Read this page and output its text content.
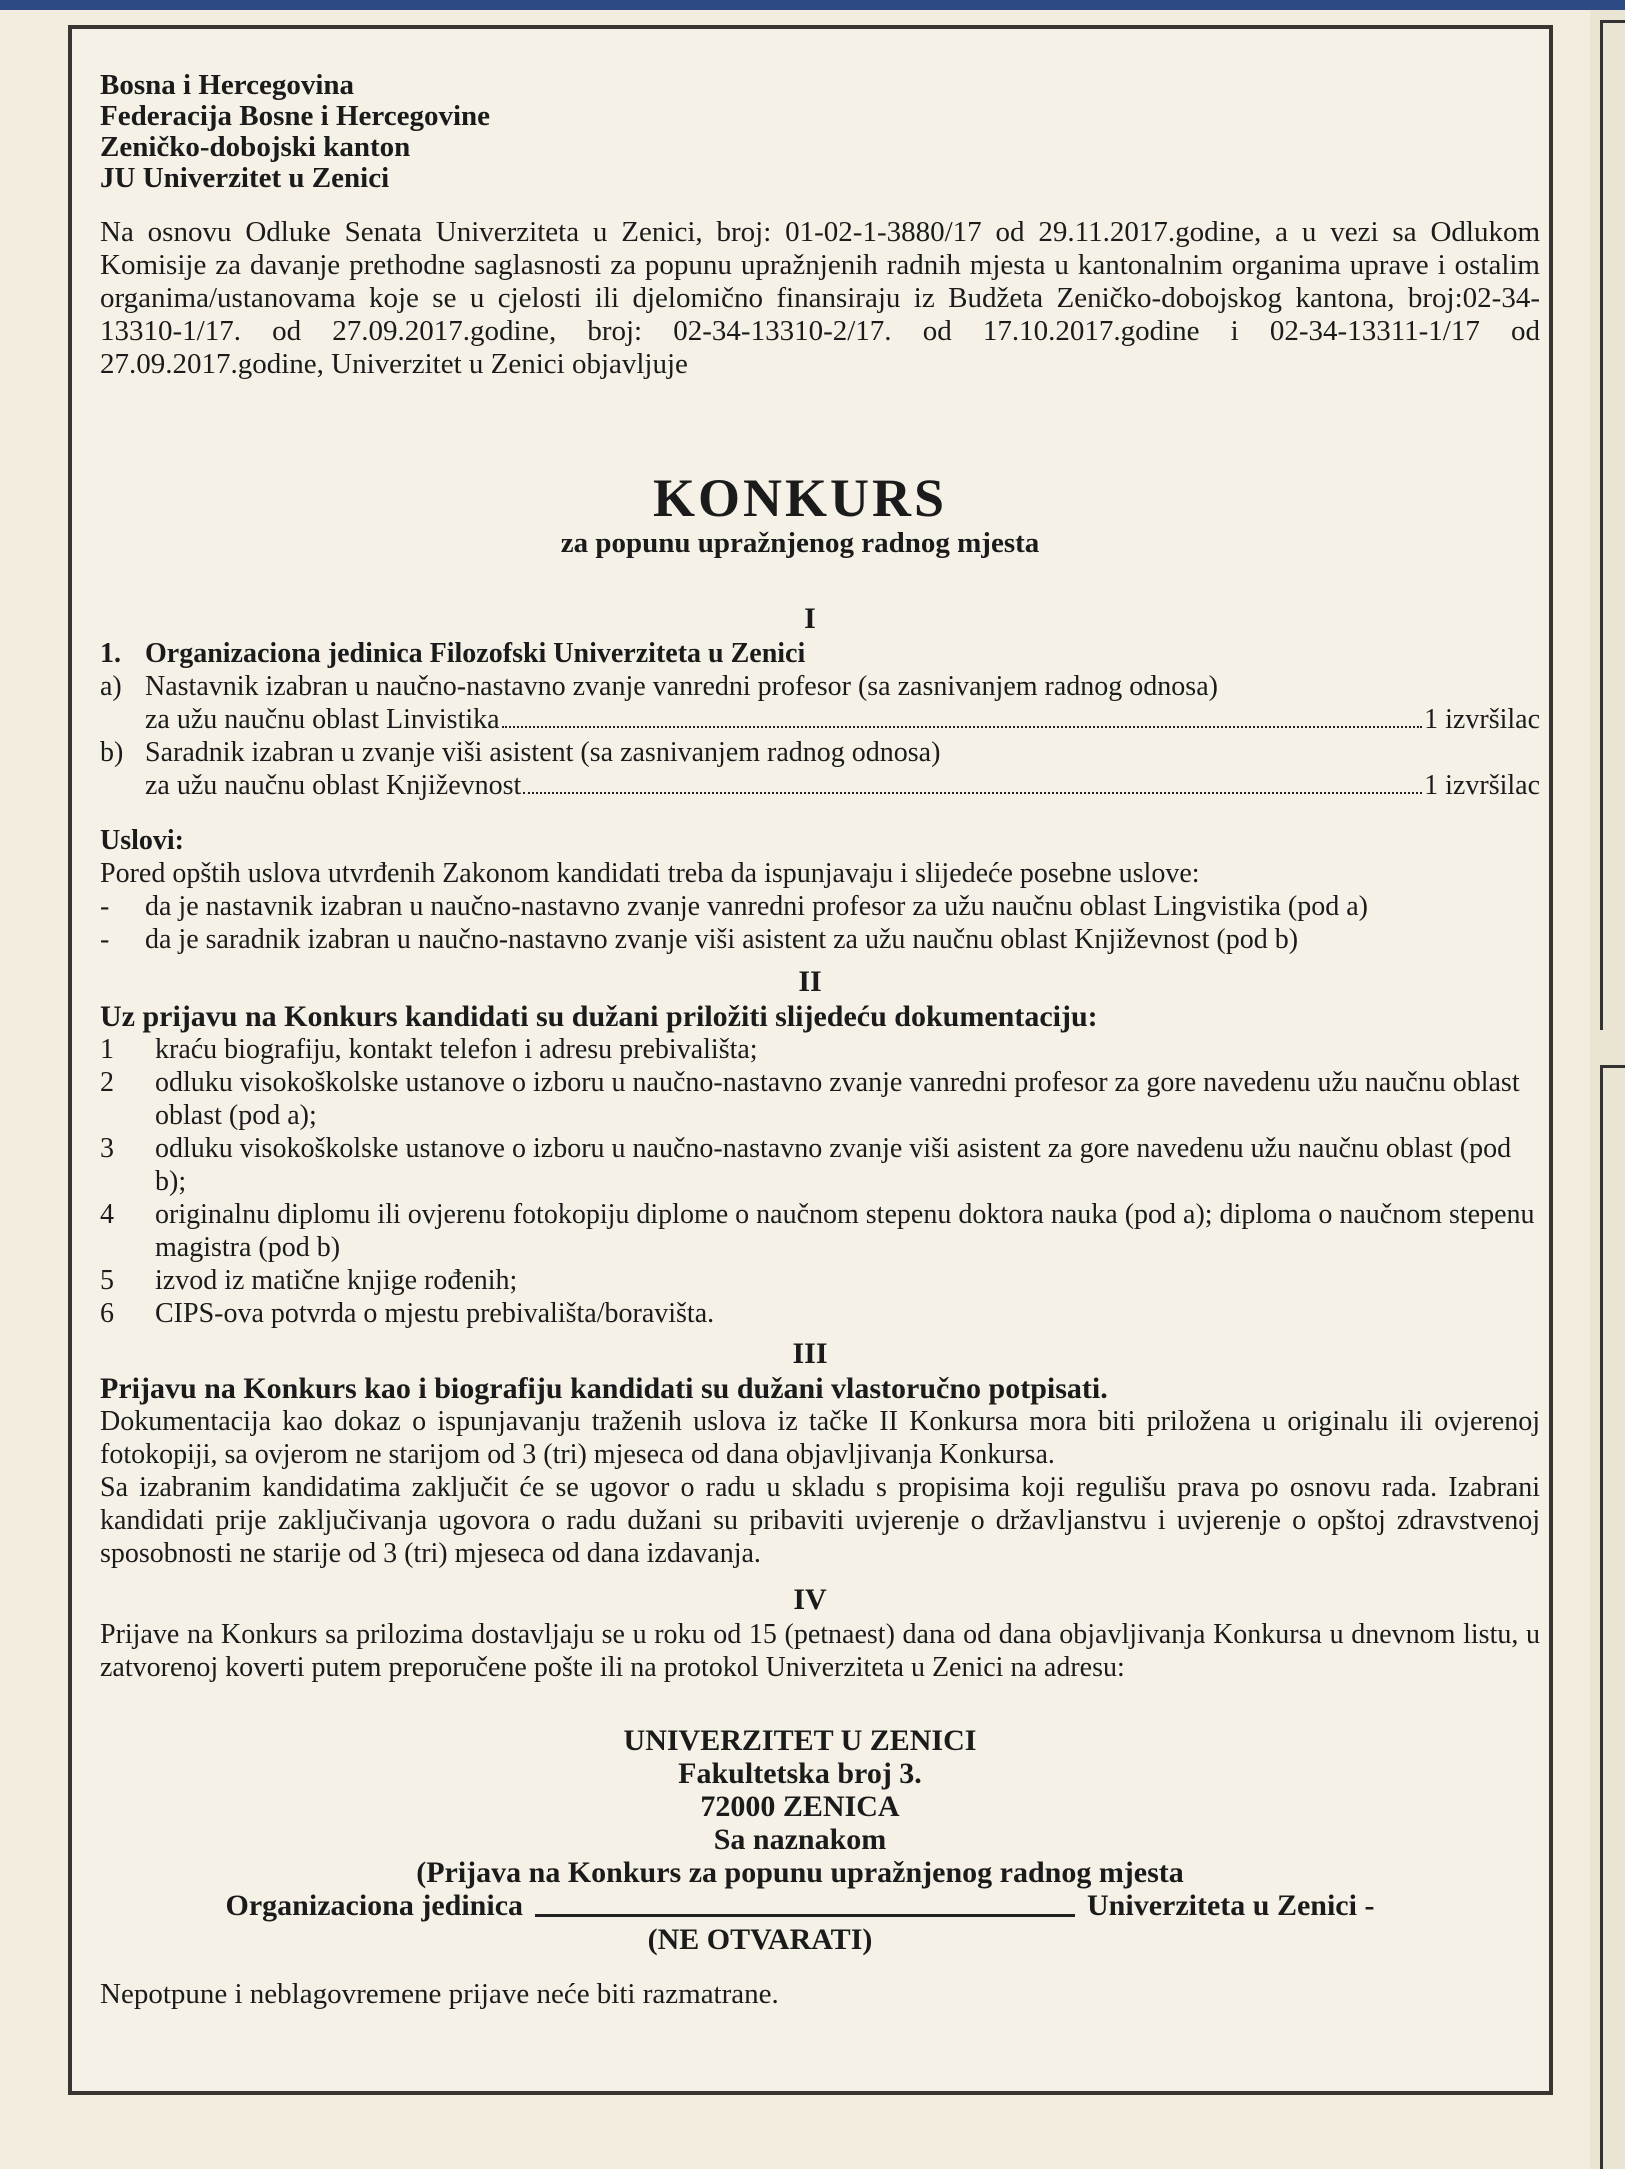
Bosna i Hercegovina
Federacija Bosne i Hercegovine
Zeničko-dobojski kanton
JU Univerzitet u Zenici
Na osnovu Odluke Senata Univerziteta u Zenici, broj: 01-02-1-3880/17 od 29.11.2017.godine, a u vezi sa Odlukom Komisije za davanje prethodne saglasnosti za popunu upražnjenih radnih mjesta u kantonalnim organima uprave i ostalim organima/ustanovama koje se u cjelosti ili djelomično finansiraju iz Budžeta Zeničko-dobojskog kantona, broj:02-34-13310-1/17. od 27.09.2017.godine, broj: 02-34-13310-2/17. od 17.10.2017.godine i 02-34-13311-1/17 od 27.09.2017.godine, Univerzitet u Zenici objavljuje
KONKURS
za popunu upražnjenog radnog mjesta
I
1. Organizaciona jedinica Filozofski Univerziteta u Zenici
a) Nastavnik izabran u naučno-nastavno zvanje vanredni profesor (sa zasnivanjem radnog odnosa)
za užu naučnu oblast Linvistika	1 izvršilac
b) Saradnik izabran u zvanje viši asistent (sa zasnivanjem radnog odnosa)
za užu naučnu oblast Književnost	1 izvršilac
Uslovi:
Pored opštih uslova utvrđenih Zakonom kandidati treba da ispunjavaju i slijedeće posebne uslove:
-	da je nastavnik izabran u naučno-nastavno zvanje vanredni profesor za užu naučnu oblast Lingvistika (pod a)
-	da je saradnik izabran u naučno-nastavno zvanje viši asistent za užu naučnu oblast Književnost (pod b)
II
Uz prijavu na Konkurs kandidati su dužani priložiti slijedeću dokumentaciju:
1	kraću biografiju, kontakt telefon i adresu prebivališta;
2	odluku visokoškolske ustanove o izboru u naučno-nastavno zvanje vanredni profesor za gore navedenu užu naučnu oblast oblast (pod a);
3	odluku visokoškolske ustanove o izboru u naučno-nastavno zvanje viši asistent za gore navedenu užu naučnu oblast (pod b);
4	originalnu diplomu ili ovjerenu fotokopiju diplome o naučnom stepenu doktora nauka (pod a); diploma o naučnom stepenu magistra (pod b)
5	izvod iz matične knjige rođenih;
6	CIPS-ova potvrda o mjestu prebivališta/boravišta.
III
Prijavu na Konkurs kao i biografiju kandidati su dužani vlastoručno potpisati.
Dokumentacija kao dokaz o ispunjavanju traženih uslova iz tačke II Konkursa mora biti priložena u originalu ili ovjerenoj fotokopiji, sa ovjerom ne starijom od 3 (tri) mjeseca od dana objavljivanja Konkursa.
Sa izabranim kandidatima zaključit će se ugovor o radu u skladu s propisima koji regulišu prava po osnovu rada. Izabrani kandidati prije zaključivanja ugovora o radu dužani su pribaviti uvjerenje o državljanstvu i uvjerenje o opštoj zdravstvenoj sposobnosti ne starije od 3 (tri) mjeseca od dana izdavanja.
IV
Prijave na Konkurs sa prilozima dostavljaju se u roku od 15 (petnaest) dana od dana objavljivanja Konkursa u dnevnom listu, u zatvorenoj koverti putem preporučene pošte ili na protokol Univerziteta u Zenici na adresu:
UNIVERZITET U ZENICI
Fakultetska broj 3.
72000 ZENICA
Sa naznakom
(Prijava na Konkurs za popunu upražnjenog radnog mjesta
Organizaciona jedinica	Univerziteta u Zenici -
(NE OTVARATI)
Nepotpune i neblagovremene prijave neće biti razmatrane.
